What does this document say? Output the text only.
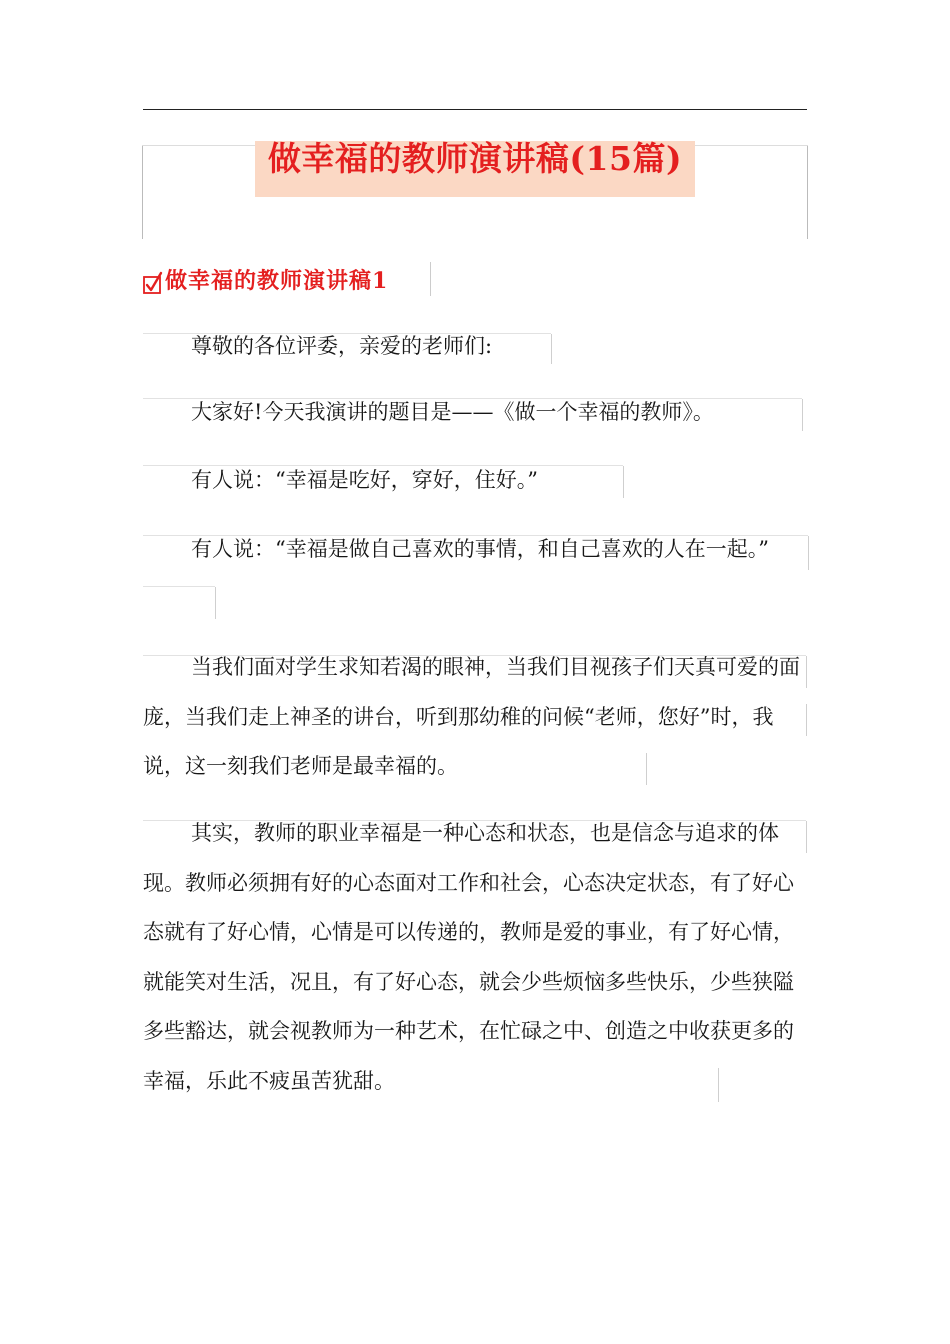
做幸福的教师演讲稿(15篇)
做幸福的教师演讲稿1

尊敬的各位评委，亲爱的老师们:

大家好!今天我演讲的题目是——《做一个幸福的教师》。

有人说：“幸福是吃好，穿好，住好。”

有人说：“幸福是做自己喜欢的事情，和自己喜欢的人在一起。”

当我们面对学生求知若渴的眼神，当我们目视孩子们天真可爱的面庞，当我们走上神圣的讲台，听到那幼稚的问候“老师，您好”时，我说，这一刻我们老师是最幸福的。

其实，教师的职业幸福是一种心态和状态，也是信念与追求的体现。教师必须拥有好的心态面对工作和社会，心态决定状态，有了好心态就有了好心情，心情是可以传递的，教师是爱的事业，有了好心情，就能笑对生活，况且，有了好心态，就会少些烦恼多些快乐，少些狭隘多些豁达，就会视教师为一种艺术，在忙碌之中、创造之中收获更多的幸福，乐此不疲虽苦犹甜。
